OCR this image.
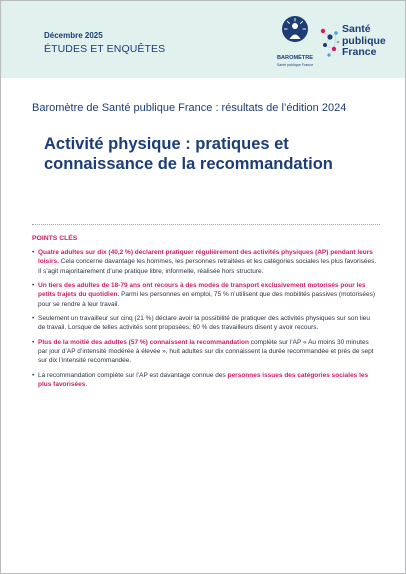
Décembre 2025
ÉTUDES ET ENQUÊTES
BAROMÈTRE
Santé publique France
Santé
publique
France
Baromètre de Santé publique France : résultats de l’édition 2024
Activité physique : pratiques et connaissance de la recommandation
POINTS CLÉS
• Quatre adultes sur dix (40,2 %) déclarent pratiquer régulièrement des activités physiques (AP) pendant leurs loisirs. Cela concerne davantage les hommes, les personnes retraitées et les catégories sociales les plus favorisées. Il s’agit majoritairement d’une pratique libre, informelle, réalisée hors structure.
• Un tiers des adultes de 18-79 ans ont recours à des modes de transport exclusivement motorisés pour les petits trajets du quotidien. Parmi les personnes en emploi, 75 % n’utilisent que des mobilités passives (motorisées) pour se rendre à leur travail.
• Seulement un travailleur sur cinq (21 %) déclare avoir la possibilité de pratiquer des activités physiques sur son lieu de travail. Lorsque de telles activités sont proposées, 60 % des travailleurs disent y avoir recours.
• Plus de la moitié des adultes (57 %) connaissent la recommandation complète sur l’AP « Au moins 30 minutes par jour d’AP d’intensité modérée à élevée », huit adultes sur dix connaissent la durée recommandée et près de sept sur dix l’intensité recommandée.
• La recommandation complète sur l’AP est davantage connue des personnes issues des catégories sociales les plus favorisées.
